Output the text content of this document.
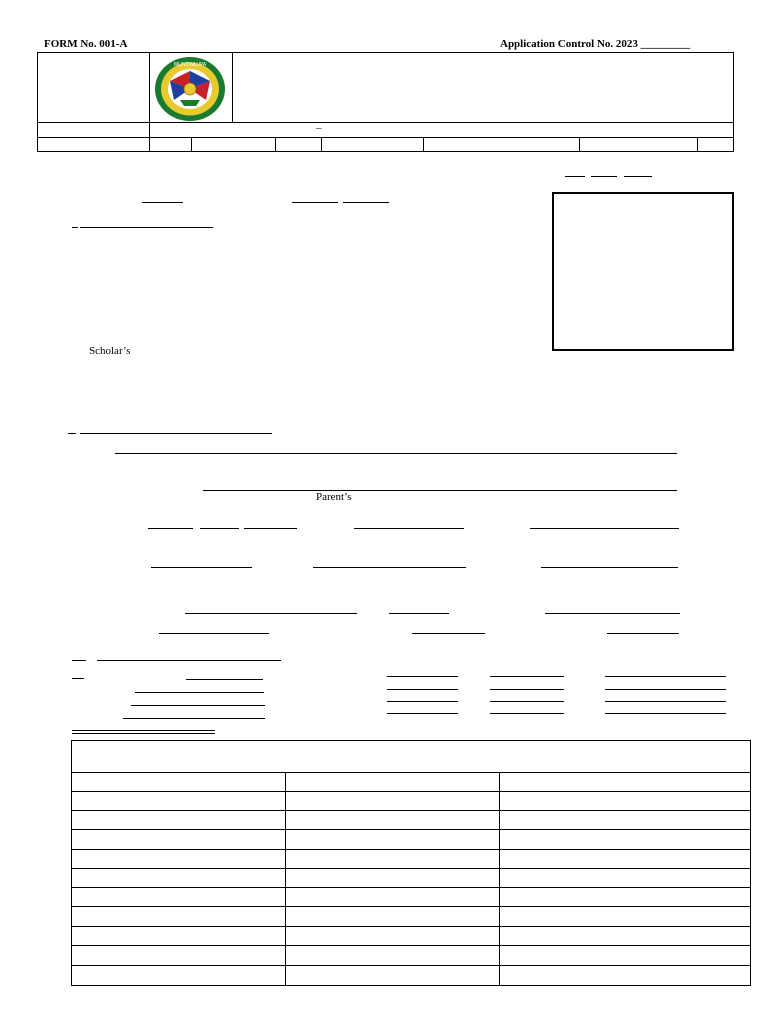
FORM No. 001-A	Application Control No. 2023 _________
–
MUNTINLUPA
Scholar’s
Parent’s
